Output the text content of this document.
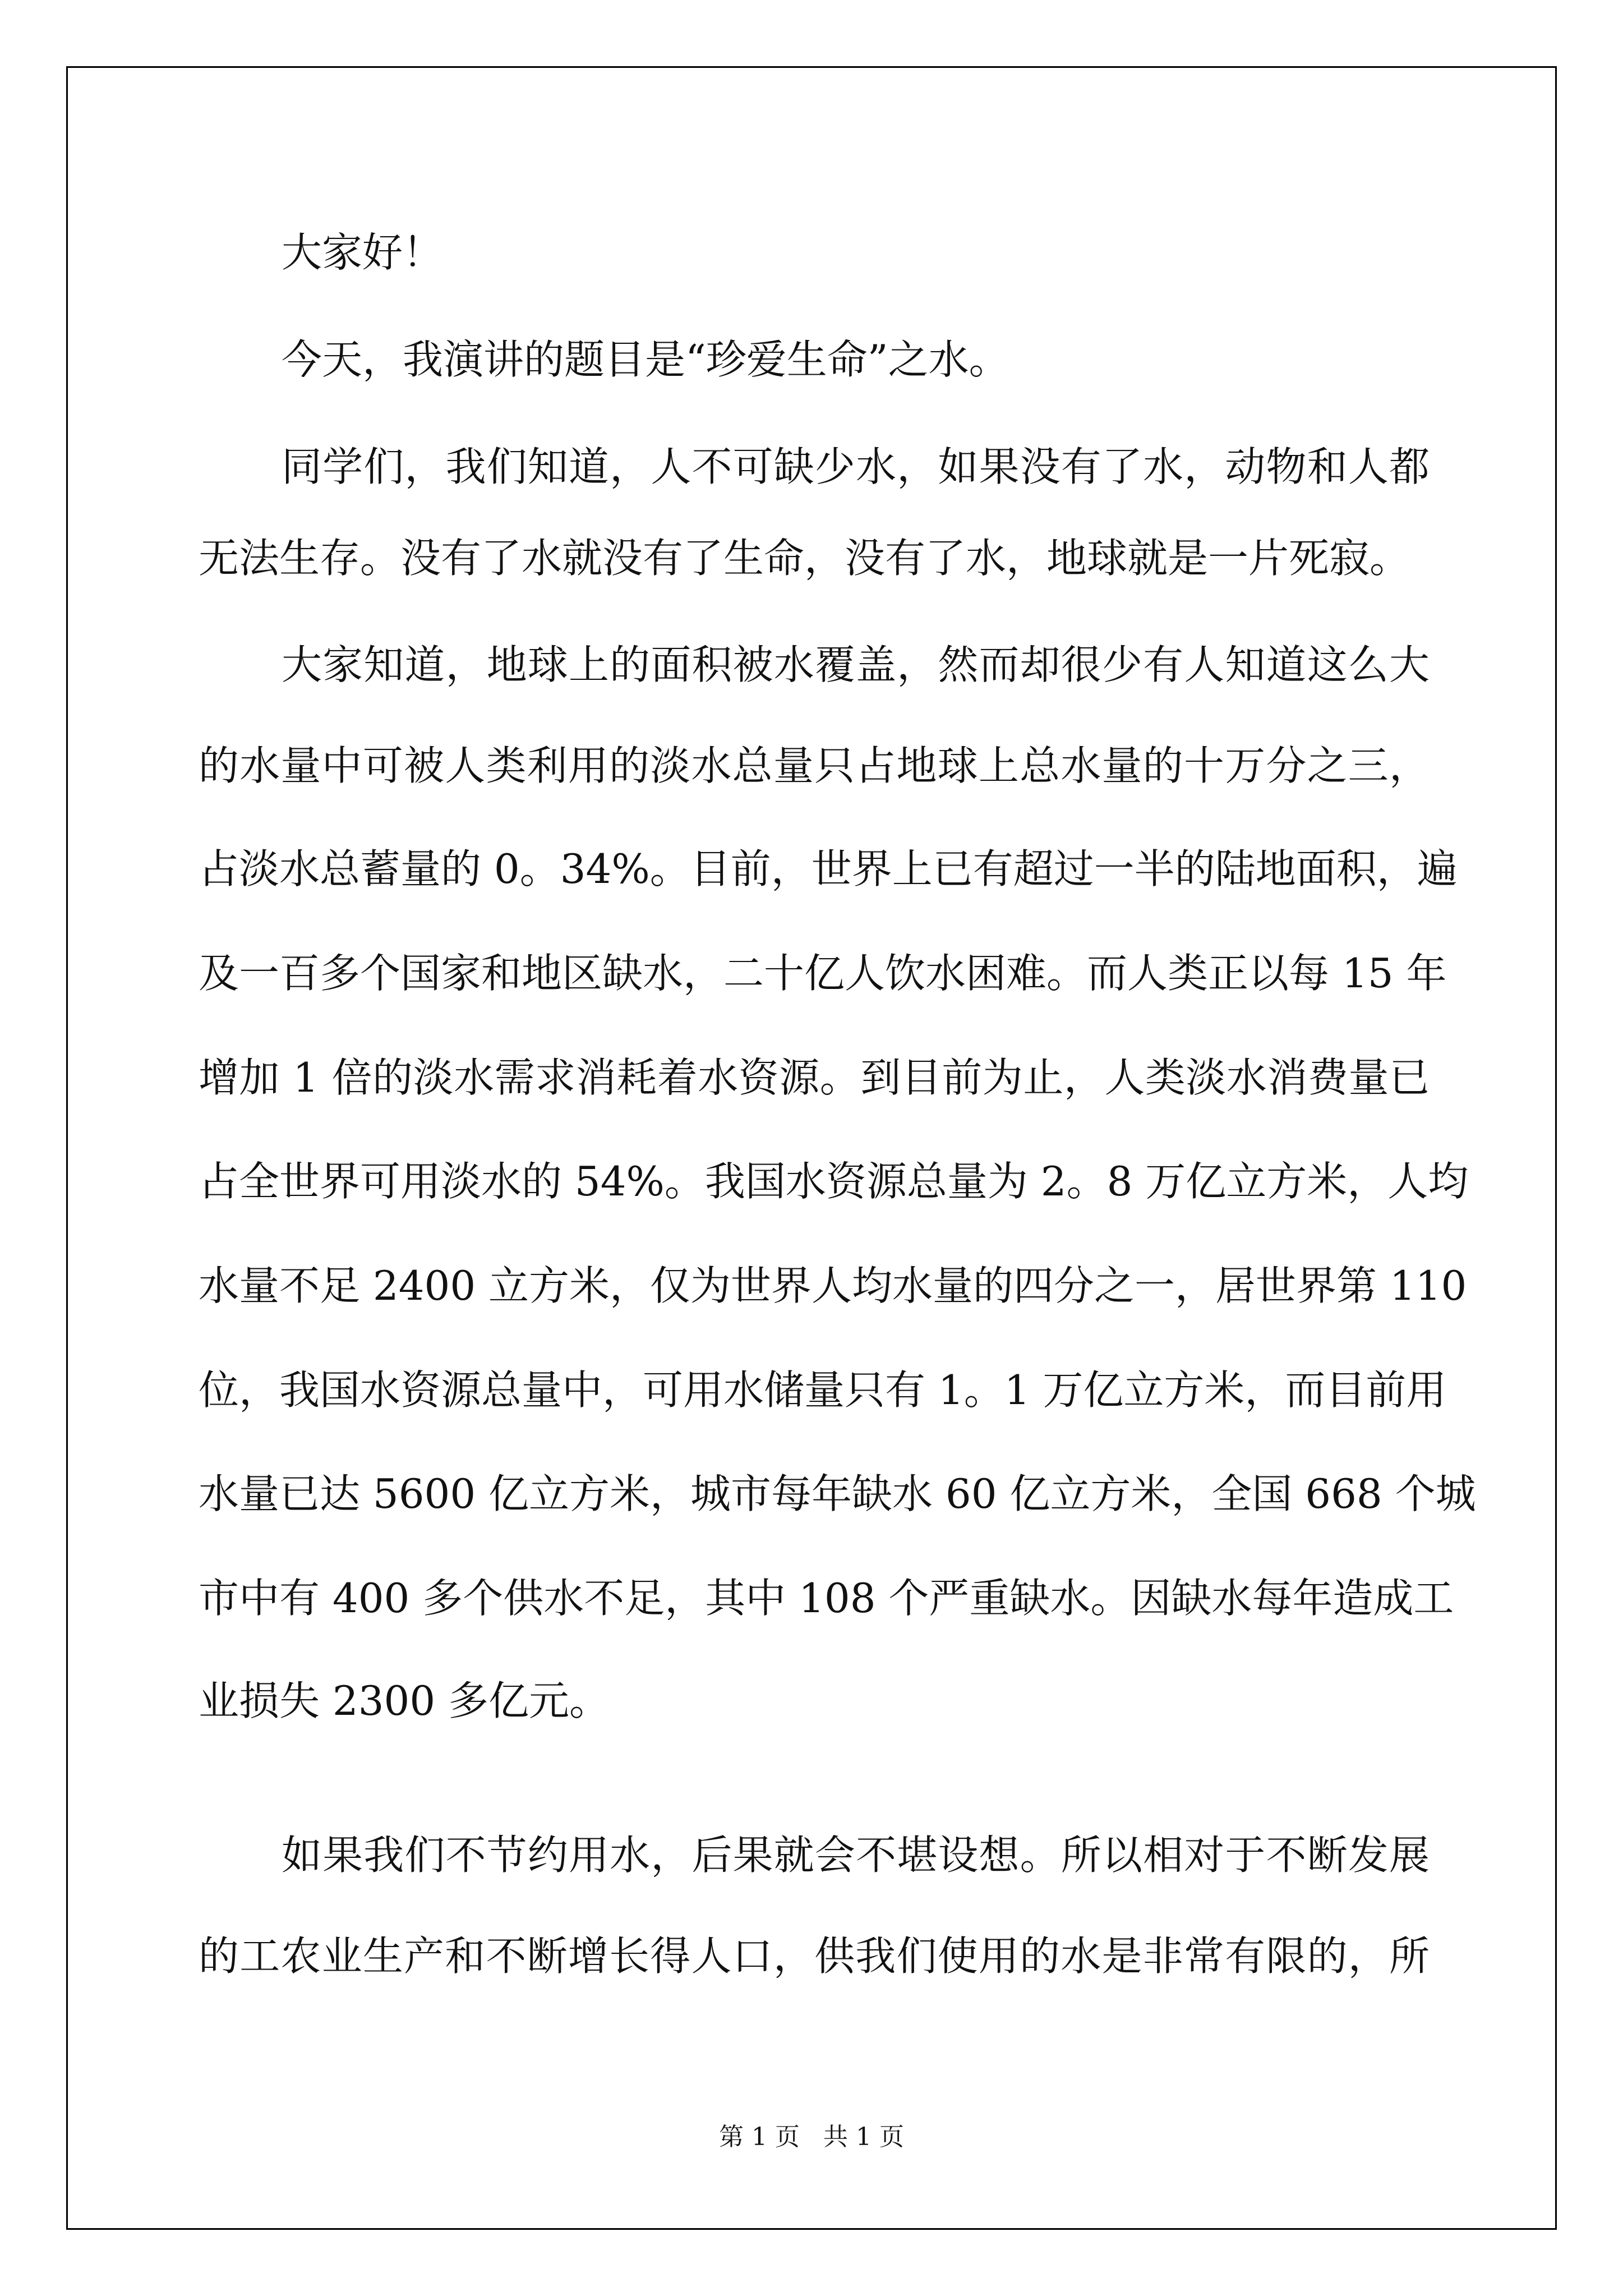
大家好！
今天，我演讲的题目是“珍爱生命”之水。
同学们，我们知道，人不可缺少水，如果没有了水，动物和人都
无法生存。没有了水就没有了生命，没有了水，地球就是一片死寂。
大家知道，地球上的面积被水覆盖，然而却很少有人知道这么大
的水量中可被人类利用的淡水总量只占地球上总水量的十万分之三，
占淡水总蓄量的 0。34%。目前，世界上已有超过一半的陆地面积，遍
及一百多个国家和地区缺水，二十亿人饮水困难。而人类正以每 15 年
增加 1 倍的淡水需求消耗着水资源。到目前为止，人类淡水消费量已
占全世界可用淡水的 54%。我国水资源总量为 2。8 万亿立方米，人均
水量不足 2400 立方米，仅为世界人均水量的四分之一，居世界第 110
位，我国水资源总量中，可用水储量只有 1。1 万亿立方米，而目前用
水量已达 5600 亿立方米，城市每年缺水 60 亿立方米，全国 668 个城
市中有 400 多个供水不足，其中 108 个严重缺水。因缺水每年造成工
业损失 2300 多亿元。
如果我们不节约用水，后果就会不堪设想。所以相对于不断发展
的工农业生产和不断增长得人口，供我们使用的水是非常有限的，所
第 1 页 共 1 页
